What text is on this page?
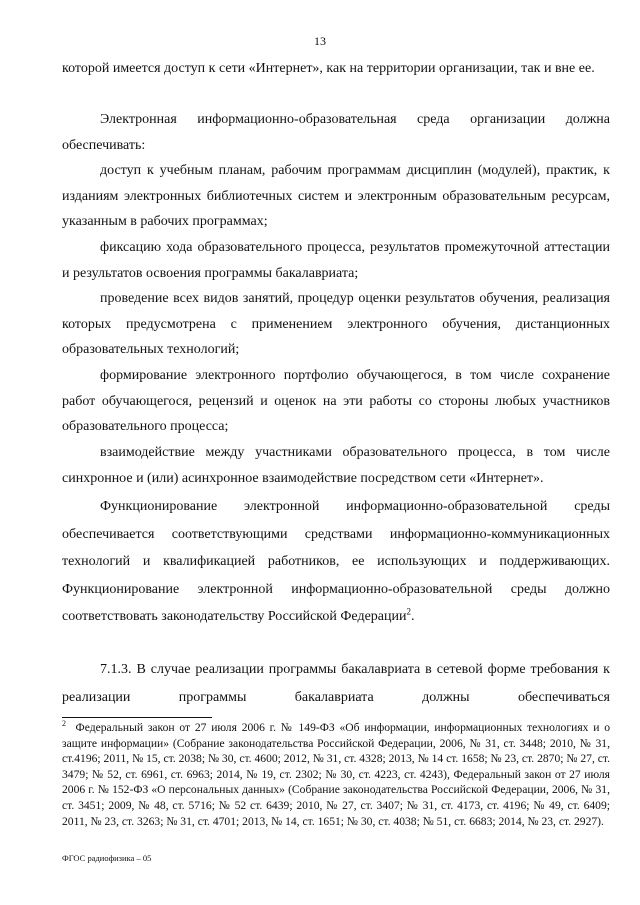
13

которой имеется доступ к сети «Интернет», как на территории организации, так и вне ее.

Электронная информационно-образовательная среда организации должна обеспечивать:

доступ к учебным планам, рабочим программам дисциплин (модулей), практик, к изданиям электронных библиотечных систем и электронным образовательным ресурсам, указанным в рабочих программах;

фиксацию хода образовательного процесса, результатов промежуточной аттестации и результатов освоения программы бакалавриата;

проведение всех видов занятий, процедур оценки результатов обучения, реализация которых предусмотрена с применением электронного обучения, дистанционных образовательных технологий;

формирование электронного портфолио обучающегося, в том числе сохранение работ обучающегося, рецензий и оценок на эти работы со стороны любых участников образовательного процесса;

взаимодействие между участниками образовательного процесса, в том числе синхронное и (или) асинхронное взаимодействие посредством сети «Интернет».

Функционирование электронной информационно-образовательной среды обеспечивается соответствующими средствами информационно-коммуникационных технологий и квалификацией работников, ее использующих и поддерживающих. Функционирование электронной информационно-образовательной среды должно соответствовать законодательству Российской Федерации$^2$.

7.1.3. В случае реализации программы бакалавриата в сетевой форме требования к реализации программы бакалавриата должны обеспечиваться

$^2$ Федеральный закон от 27 июля 2006 г. № 149-ФЗ «Об информации, информационных технологиях и о защите информации» (Собрание законодательства Российской Федерации, 2006, № 31, ст. 3448; 2010, № 31, ст.4196; 2011, № 15, ст. 2038; № 30, ст. 4600; 2012, № 31, ст. 4328; 2013, № 14 ст. 1658; № 23, ст. 2870; № 27, ст. 3479; № 52, ст. 6961, ст. 6963; 2014, № 19, ст. 2302; № 30, ст. 4223, ст. 4243), Федеральный закон от 27 июля 2006 г. № 152-ФЗ «О персональных данных» (Собрание законодательства Российской Федерации, 2006, № 31, ст. 3451; 2009, № 48, ст. 5716; № 52 ст. 6439; 2010, № 27, ст. 3407; № 31, ст. 4173, ст. 4196; № 49, ст. 6409; 2011, № 23, ст. 3263; № 31, ст. 4701; 2013, № 14, ст. 1651; № 30, ст. 4038; № 51, ст. 6683; 2014, № 23, ст. 2927).

ФГОС радиофизика – 05
